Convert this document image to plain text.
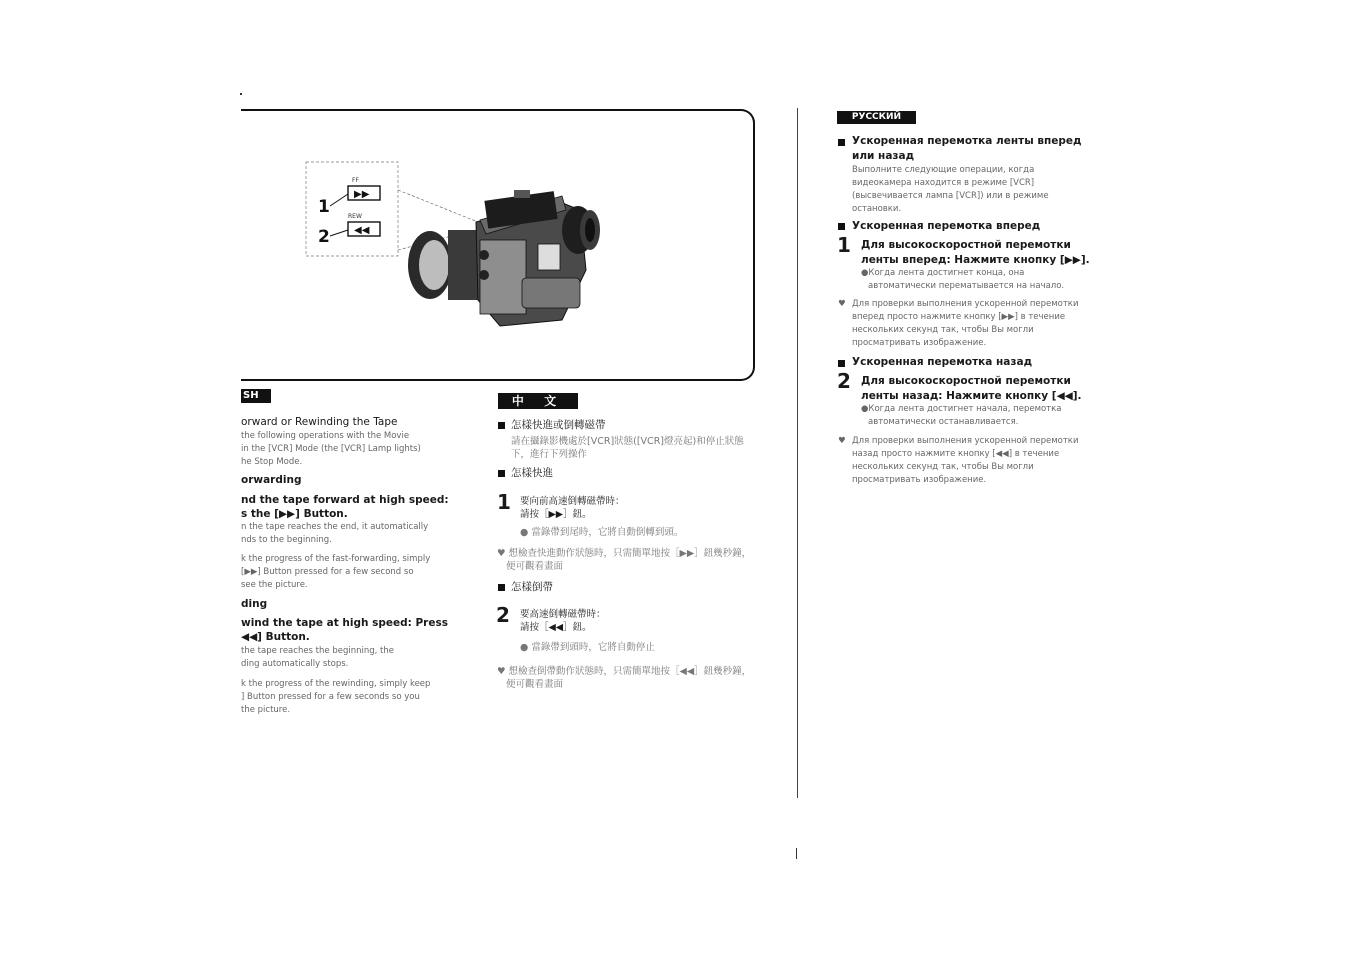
FF
▶▶
REW
◀◀
1
2
SH
orward or Rewinding the Tape
the following operations with the Movie
in the [VCR] Mode (the [VCR] Lamp lights)
he Stop Mode.
orwarding
nd the tape forward at high speed:
s the [▶▶] Button.
n the tape reaches the end, it automatically
nds to the beginning.
k the progress of the fast-forwarding, simply
[▶▶] Button pressed for a few second so
see the picture.
ding
wind the tape at high speed: Press
◀◀] Button.
the tape reaches the beginning, the
ding automatically stops.
k the progress of the rewinding, simply keep
] Button pressed for a few seconds so you
the picture.
中 文
怎樣快進或倒轉磁帶
請在攝錄影機處於[VCR]狀態([VCR]燈亮起)和停止狀態
下，進行下列操作
怎樣快進
1 要向前高速倒轉磁帶時：
請按［▶▶］鈕。
● 當錄帶到尾時，它將自動倒轉到頭。
♥ 想檢查快進動作狀態時，只需簡單地按［▶▶］鈕幾秒鐘，
便可觀看畫面
怎樣倒帶
2 要高速倒轉磁帶時：
請按［◀◀］鈕。
● 當錄帶到頭時，它將自動停止
♥ 想檢查倒帶動作狀態時，只需簡單地按［◀◀］鈕幾秒鐘，
便可觀看畫面
РУССКИЙ ЯЗЫК
Ускоренная перемотка ленты вперед
или назад
Выполните следующие операции, когда
видеокамера находится в режиме [VCR]
(высвечивается лампа [VCR]) или в режиме
остановки.
Ускоренная перемотка вперед
1 Для высокоскоростной перемотки
ленты вперед: Нажмите кнопку [▶▶].
●Когда лента достигнет конца, она
автоматически перематывается на начало.
♥ Для проверки выполнения ускоренной перемотки
вперед просто нажмите кнопку [▶▶] в течение
нескольких секунд так, чтобы Вы могли
просматривать изображение.
Ускоренная перемотка назад
2 Для высокоскоростной перемотки
ленты назад: Нажмите кнопку [◀◀].
●Когда лента достигнет начала, перемотка
автоматически останавливается.
♥ Для проверки выполнения ускоренной перемотки
назад просто нажмите кнопку [◀◀] в течение
нескольких секунд так, чтобы Вы могли
просматривать изображение.
